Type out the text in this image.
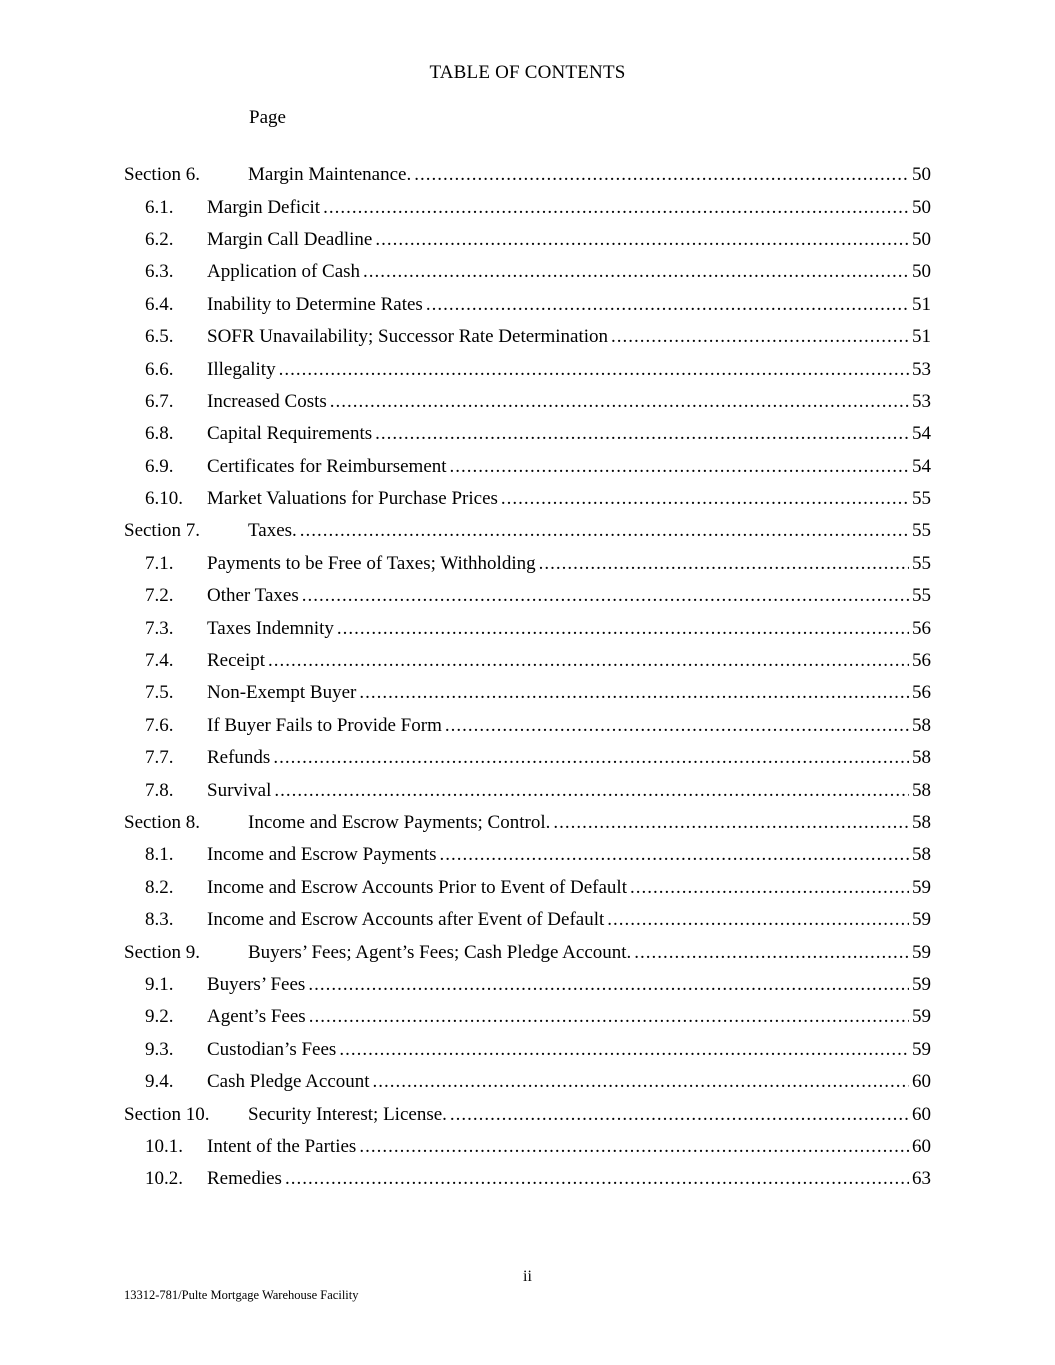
TABLE OF CONTENTS
Page
Section 6.	Margin Maintenance. .....	50
6.1.	Margin Deficit .....	50
6.2.	Margin Call Deadline .....	50
6.3.	Application of Cash .....	50
6.4.	Inability to Determine Rates .....	51
6.5.	SOFR Unavailability; Successor Rate Determination .....	51
6.6.	Illegality .....	53
6.7.	Increased Costs .....	53
6.8.	Capital Requirements .....	54
6.9.	Certificates for Reimbursement .....	54
6.10.	Market Valuations for Purchase Prices .....	55
Section 7.	Taxes. .....	55
7.1.	Payments to be Free of Taxes; Withholding .....	55
7.2.	Other Taxes .....	55
7.3.	Taxes Indemnity .....	56
7.4.	Receipt .....	56
7.5.	Non-Exempt Buyer .....	56
7.6.	If Buyer Fails to Provide Form .....	58
7.7.	Refunds .....	58
7.8.	Survival .....	58
Section 8.	Income and Escrow Payments; Control. .....	58
8.1.	Income and Escrow Payments .....	58
8.2.	Income and Escrow Accounts Prior to Event of Default .....	59
8.3.	Income and Escrow Accounts after Event of Default .....	59
Section 9.	Buyers’ Fees; Agent’s Fees; Cash Pledge Account. .....	59
9.1.	Buyers’ Fees .....	59
9.2.	Agent’s Fees .....	59
9.3.	Custodian’s Fees .....	59
9.4.	Cash Pledge Account .....	60
Section 10.	Security Interest; License. .....	60
10.1.	Intent of the Parties .....	60
10.2.	Remedies .....	63
ii
13312-781/Pulte Mortgage Warehouse Facility
